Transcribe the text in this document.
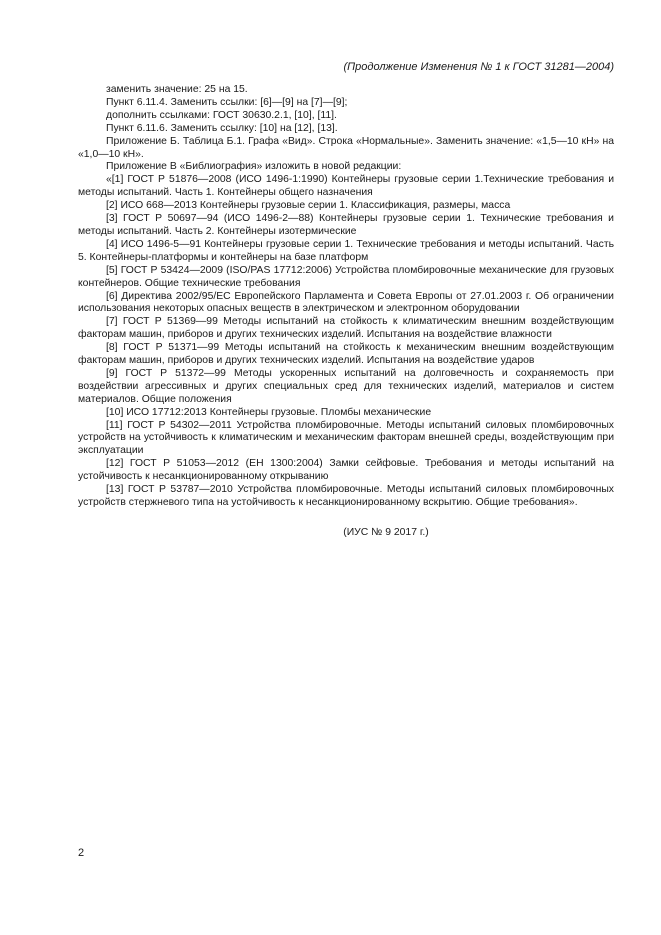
(Продолжение Изменения № 1 к ГОСТ 31281—2004)

заменить значение: 25 на 15.

Пункт 6.11.4. Заменить ссылки: [6]—[9] на [7]—[9];

дополнить ссылками: ГОСТ 30630.2.1, [10], [11].

Пункт 6.11.6. Заменить ссылку: [10] на [12], [13].

Приложение Б. Таблица Б.1. Графа «Вид». Строка «Нормальные». Заменить значение: «1,5—10 кН» на «1,0—10 кН».

Приложение В «Библиография» изложить в новой редакции:

«[1] ГОСТ Р 51876—2008 (ИСО 1496-1:1990) Контейнеры грузовые серии 1.Технические требования и методы испытаний. Часть 1. Контейнеры общего назначения

[2] ИСО 668—2013 Контейнеры грузовые серии 1. Классификация, размеры, масса

[3] ГОСТ Р 50697—94 (ИСО 1496-2—88) Контейнеры грузовые серии 1. Технические требования и методы испытаний. Часть 2. Контейнеры изотермические

[4] ИСО 1496-5—91 Контейнеры грузовые серии 1. Технические требования и методы испытаний. Часть 5. Контейнеры-платформы и контейнеры на базе платформ

[5] ГОСТ Р 53424—2009 (ISO/PAS 17712:2006) Устройства пломбировочные механические для грузовых контейнеров. Общие технические требования

[6] Директива 2002/95/ЕС Европейского Парламента и Совета Европы от 27.01.2003 г. Об ограничении использования некоторых опасных веществ в электрическом и электронном оборудовании

[7] ГОСТ Р 51369—99 Методы испытаний на стойкость к климатическим внешним воздействующим факторам машин, приборов и других технических изделий. Испытания на воздействие влажности

[8] ГОСТ Р 51371—99 Методы испытаний на стойкость к механическим внешним воздействующим факторам машин, приборов и других технических изделий. Испытания на воздействие ударов

[9] ГОСТ Р 51372—99 Методы ускоренных испытаний на долговечность и сохраняемость при воздействии агрессивных и других специальных сред для технических изделий, материалов и систем материалов. Общие положения

[10] ИСО 17712:2013 Контейнеры грузовые. Пломбы механические

[11] ГОСТ Р 54302—2011 Устройства пломбировочные. Методы испытаний силовых пломбировочных устройств на устойчивость к климатическим и механическим факторам внешней среды, воздействующим при эксплуатации

[12] ГОСТ Р 51053—2012 (ЕН 1300:2004) Замки сейфовые. Требования и методы испытаний на устойчивость к несанкционированному открыванию

[13] ГОСТ Р 53787—2010 Устройства пломбировочные. Методы испытаний силовых пломбировочных устройств стержневого типа на устойчивость к несанкционированному вскрытию. Общие требования».

(ИУС № 9 2017 г.)

2
